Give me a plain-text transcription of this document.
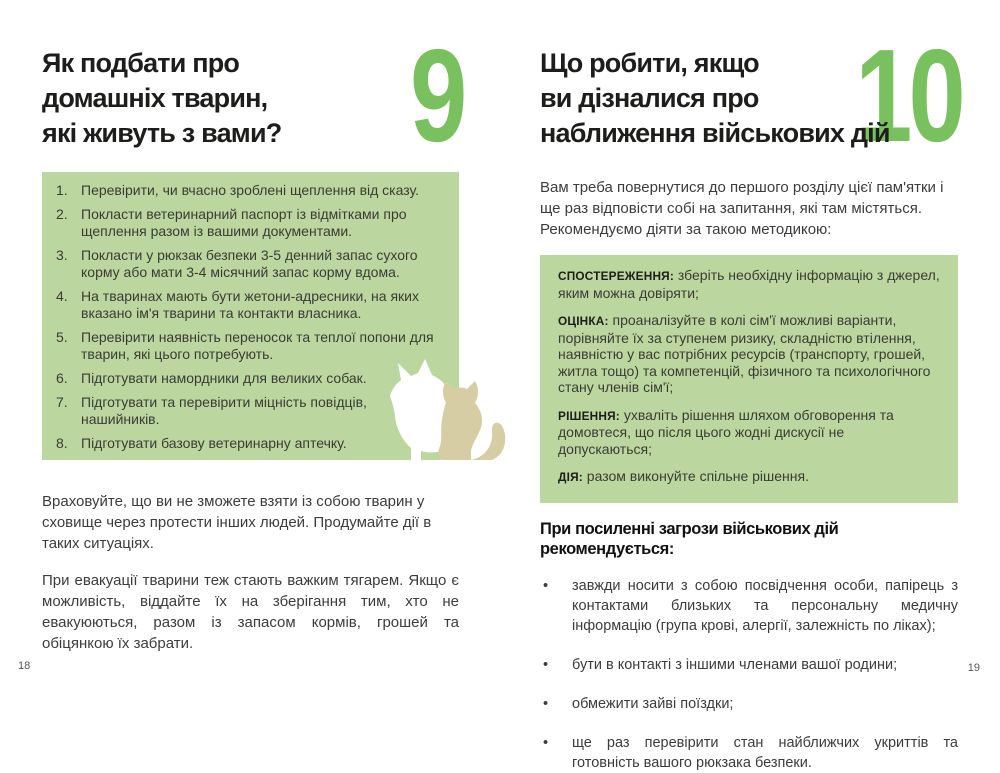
9
Як подбати про
домашніх тварин,
які живуть з вами?
1. Перевірити, чи вчасно зроблені щеплення від сказу.
2. Покласти ветеринарний паспорт із відмітками про щеплення разом із вашими документами.
3. Покласти у рюкзак безпеки 3-5 денний запас сухого корму або мати 3-4 місячний запас корму вдома.
4. На тваринах мають бути жетони-адресники, на яких вказано ім'я тварини та контакти власника.
5. Перевірити наявність переносок та теплої попони для тварин, які цього потребують.
6. Підготувати намордники для великих собак.
7. Підготувати та перевірити міцність повідців, нашийників.
8. Підготувати базову ветеринарну аптечку.

Враховуйте, що ви не зможете взяти із собою тварин у сховище через протести інших людей. Продумайте дії в таких ситуаціях.

При евакуації тварини теж стають важким тягарем. Якщо є можливість, віддайте їх на зберігання тим, хто не евакуюються, разом із запасом кормів, грошей та обіцянкою їх забрати.

10
Що робити, якщо
ви дізналися про
наближення військових дій

Вам треба повернутися до першого розділу цієї пам'ятки і ще раз відповісти собі на запитання, які там містяться. Рекомендуємо діяти за такою методикою:

СПОСТЕРЕЖЕННЯ: зберіть необхідну інформацію з джерел, яким можна довіряти;

ОЦІНКА: проаналізуйте в колі сім'ї можливі варіанти, порівняйте їх за ступенем ризику, складністю втілення, наявністю у вас потрібних ресурсів (транспорту, грошей, житла тощо) та компетенцій, фізичного та психологічного стану членів сім'ї;

РІШЕННЯ: ухваліть рішення шляхом обговорення та домовтеся, що після цього жодні дискусії не допускаються;

ДІЯ: разом виконуйте спільне рішення.

При посиленні загрози військових дій рекомендується:
•	завжди носити з собою посвідчення особи, папірець з контактами близьких та персональну медичну інформацію (група крові, алергії, залежність по ліках);
•	бути в контакті з іншими членами вашої родини;
•	обмежити зайві поїздки;
•	ще раз перевірити стан найближчих укриттів та готовність вашого рюкзака безпеки.
18	19
